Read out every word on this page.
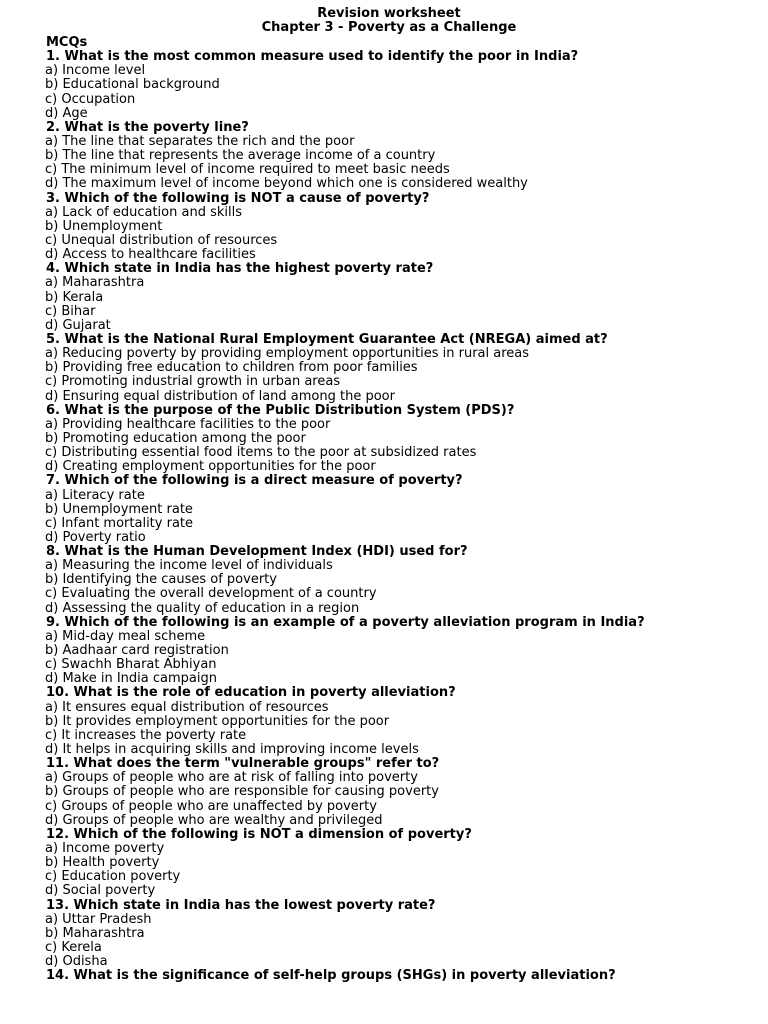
Revision worksheet
Chapter 3 - Poverty as a Challenge
MCQs
1. What is the most common measure used to identify the poor in India?
a) Income level
b) Educational background
c) Occupation
d) Age
2. What is the poverty line?
a) The line that separates the rich and the poor
b) The line that represents the average income of a country
c) The minimum level of income required to meet basic needs
d) The maximum level of income beyond which one is considered wealthy
3. Which of the following is NOT a cause of poverty?
a) Lack of education and skills
b) Unemployment
c) Unequal distribution of resources
d) Access to healthcare facilities
4. Which state in India has the highest poverty rate?
a) Maharashtra
b) Kerala
c) Bihar
d) Gujarat
5. What is the National Rural Employment Guarantee Act (NREGA) aimed at?
a) Reducing poverty by providing employment opportunities in rural areas
b) Providing free education to children from poor families
c) Promoting industrial growth in urban areas
d) Ensuring equal distribution of land among the poor
6. What is the purpose of the Public Distribution System (PDS)?
a) Providing healthcare facilities to the poor
b) Promoting education among the poor
c) Distributing essential food items to the poor at subsidized rates
d) Creating employment opportunities for the poor
7. Which of the following is a direct measure of poverty?
a) Literacy rate
b) Unemployment rate
c) Infant mortality rate
d) Poverty ratio
8. What is the Human Development Index (HDI) used for?
a) Measuring the income level of individuals
b) Identifying the causes of poverty
c) Evaluating the overall development of a country
d) Assessing the quality of education in a region
9. Which of the following is an example of a poverty alleviation program in India?
a) Mid-day meal scheme
b) Aadhaar card registration
c) Swachh Bharat Abhiyan
d) Make in India campaign
10. What is the role of education in poverty alleviation?
a) It ensures equal distribution of resources
b) It provides employment opportunities for the poor
c) It increases the poverty rate
d) It helps in acquiring skills and improving income levels
11. What does the term "vulnerable groups" refer to?
a) Groups of people who are at risk of falling into poverty
b) Groups of people who are responsible for causing poverty
c) Groups of people who are unaffected by poverty
d) Groups of people who are wealthy and privileged
12. Which of the following is NOT a dimension of poverty?
a) Income poverty
b) Health poverty
c) Education poverty
d) Social poverty
13. Which state in India has the lowest poverty rate?
a) Uttar Pradesh
b) Maharashtra
c) Kerela
d) Odisha
14. What is the significance of self-help groups (SHGs) in poverty alleviation?
